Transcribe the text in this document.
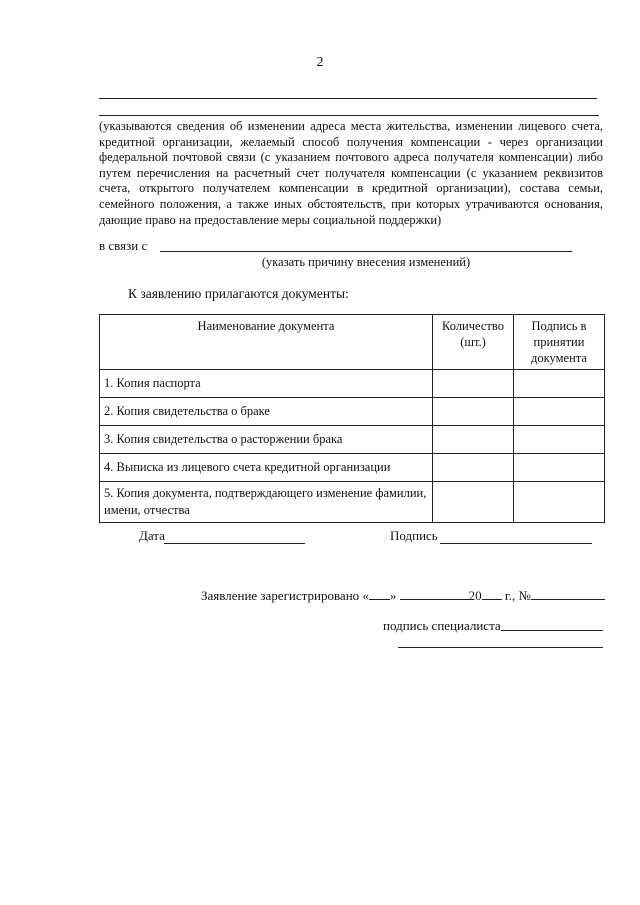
2
(указываются сведения об изменении адреса места жительства, изменении лицевого счета, кредитной организации, желаемый способ получения компенсации - через организации федеральной почтовой связи (с указанием почтового адреса получателя компенсации) либо путем перечисления на расчетный счет получателя компенсации (с указанием реквизитов счета, открытого получателем компенсации в кредитной организации), состава семьи, семейного положения, а также иных обстоятельств, при которых утрачиваются основания, дающие право на предоставление меры социальной поддержки)
в связи с
(указать причину внесения изменений)
К заявлению прилагаются документы:
Наименование документа	Количество (шт.)	Подпись в принятии документа
1. Копия паспорта		
2. Копия свидетельства о браке		
3. Копия свидетельства о расторжении брака		
4. Выписка из лицевого счета кредитной организации		
5. Копия документа, подтверждающего изменение фамилии, имени, отчества		
Дата	Подпись
Заявление зарегистрировано « »	20 г., №
подпись специалиста
